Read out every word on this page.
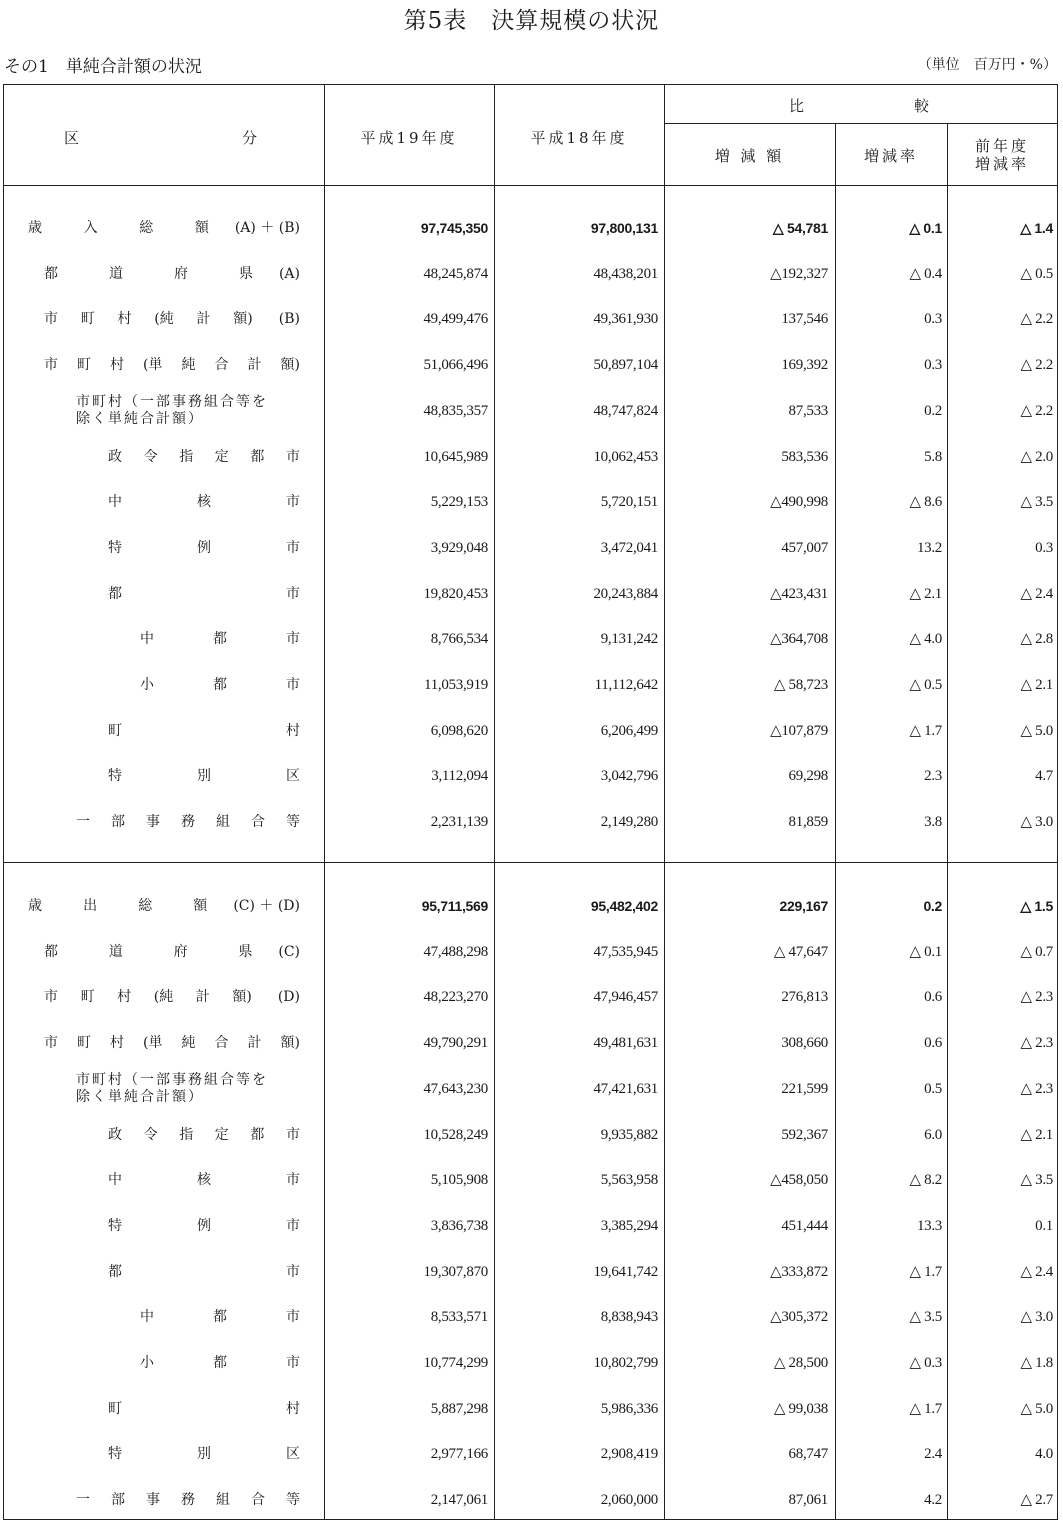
第5表　決算規模の状況
その1　単純合計額の状況	（単位　百万円・%）
区	分	平成19年度	平成18年度
比	較
増 減 額	増減率
前年度
増減率
歳	入	総	額 (A) ＋ (B)	97,745,350	97,800,131	△ 54,781	△ 0.1	△ 1.4
都	道	府	県 (A)	48,245,874	48,438,201	△192,327	△ 0.4	△ 0.5
市 町 村 (純 計 額) (B)	49,499,476	49,361,930	137,546	0.3	△ 2.2
市 町 村 (単 純 合 計 額)	51,066,496	50,897,104	169,392	0.3	△ 2.2
市町村（一部事務組合等を
除く単純合計額）	48,835,357	48,747,824	87,533	0.2	△ 2.2
政 令 指 定 都 市	10,645,989	10,062,453	583,536	5.8	△ 2.0
中	核	市	5,229,153	5,720,151	△490,998	△ 8.6	△ 3.5
特	例	市	3,929,048	3,472,041	457,007	13.2	0.3
都	市	19,820,453	20,243,884	△423,431	△ 2.1	△ 2.4
中	都	市	8,766,534	9,131,242	△364,708	△ 4.0	△ 2.8
小	都	市	11,053,919	11,112,642	△ 58,723	△ 0.5	△ 2.1
町	村	6,098,620	6,206,499	△107,879	△ 1.7	△ 5.0
特	別	区	3,112,094	3,042,796	69,298	2.3	4.7
一 部 事 務 組 合 等	2,231,139	2,149,280	81,859	3.8	△ 3.0
歳	出	総	額 (C) ＋ (D)	95,711,569	95,482,402	229,167	0.2	△ 1.5
都	道	府	県 (C)	47,488,298	47,535,945	△ 47,647	△ 0.1	△ 0.7
市 町 村 (純 計 額) (D)	48,223,270	47,946,457	276,813	0.6	△ 2.3
市 町 村 (単 純 合 計 額)	49,790,291	49,481,631	308,660	0.6	△ 2.3
市町村（一部事務組合等を
除く単純合計額）	47,643,230	47,421,631	221,599	0.5	△ 2.3
政 令 指 定 都 市	10,528,249	9,935,882	592,367	6.0	△ 2.1
中	核	市	5,105,908	5,563,958	△458,050	△ 8.2	△ 3.5
特	例	市	3,836,738	3,385,294	451,444	13.3	0.1
都	市	19,307,870	19,641,742	△333,872	△ 1.7	△ 2.4
中	都	市	8,533,571	8,838,943	△305,372	△ 3.5	△ 3.0
小	都	市	10,774,299	10,802,799	△ 28,500	△ 0.3	△ 1.8
町	村	5,887,298	5,986,336	△ 99,038	△ 1.7	△ 5.0
特	別	区	2,977,166	2,908,419	68,747	2.4	4.0
一 部 事 務 組 合 等	2,147,061	2,060,000	87,061	4.2	△ 2.7
